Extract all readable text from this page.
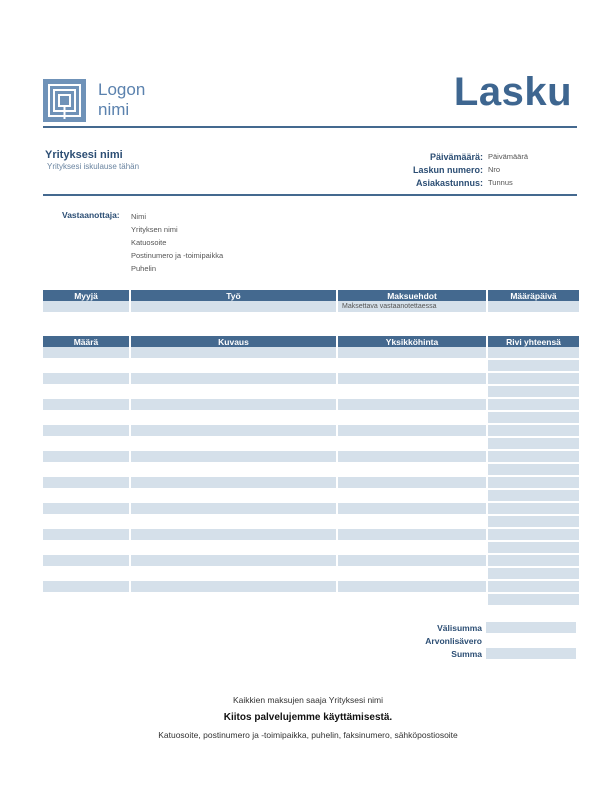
Logon
nimi	Lasku
Yrityksesi nimi
Yrityksesi iskulause tähän
Päivämäärä: Päivämäärä
Laskun numero: Nro
Asiakastunnus: Tunnus
Vastaanottaja: Nimi
Yrityksen nimi
Katuosoite
Postinumero ja -toimipaikka
Puhelin
Myyjä	Työ	Maksuehdot	Määräpäivä
		Maksettava vastaanotettaessa	
Määrä	Kuvaus	Yksikköhinta	Rivi yhteensä

Välisumma
Arvonlisävero
Summa
Kaikkien maksujen saaja Yrityksesi nimi
Kiitos palvelujemme käyttämisestä.
Katuosoite, postinumero ja -toimipaikka, puhelin, faksinumero, sähköpostiosoite
